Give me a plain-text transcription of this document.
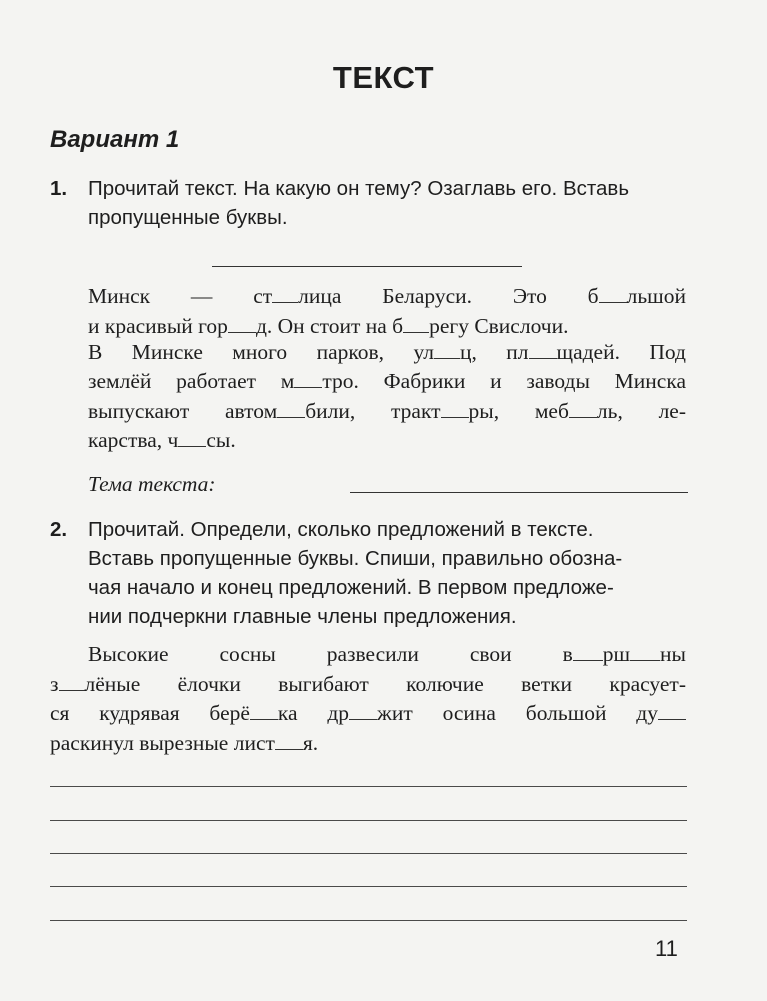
ТЕКСТ
Вариант 1
1. Прочитай текст. На какую он тему? Озаглавь его. Вставь
пропущенные буквы.
Минск — ст лица Беларуси. Это б льшой
и красивый гор д. Он стоит на б регу Свислочи.
В Минске много парков, ул ц, пл щадей. Под
землёй работает м тро. Фабрики и заводы Минска
выпускают автом били, тракт ры, меб ль, ле-
карства, ч сы.
Тема текста:
2. Прочитай. Определи, сколько предложений в тексте.
Вставь пропущенные буквы. Спиши, правильно обозна-
чая начало и конец предложений. В первом предложе-
нии подчеркни главные члены предложения.
Высокие сосны развесили свои в рш ны
з лёные ёлочки выгибают колючие ветки красует-
ся кудрявая берё ка др жит осина большой ду
раскинул вырезные лист я.
11
